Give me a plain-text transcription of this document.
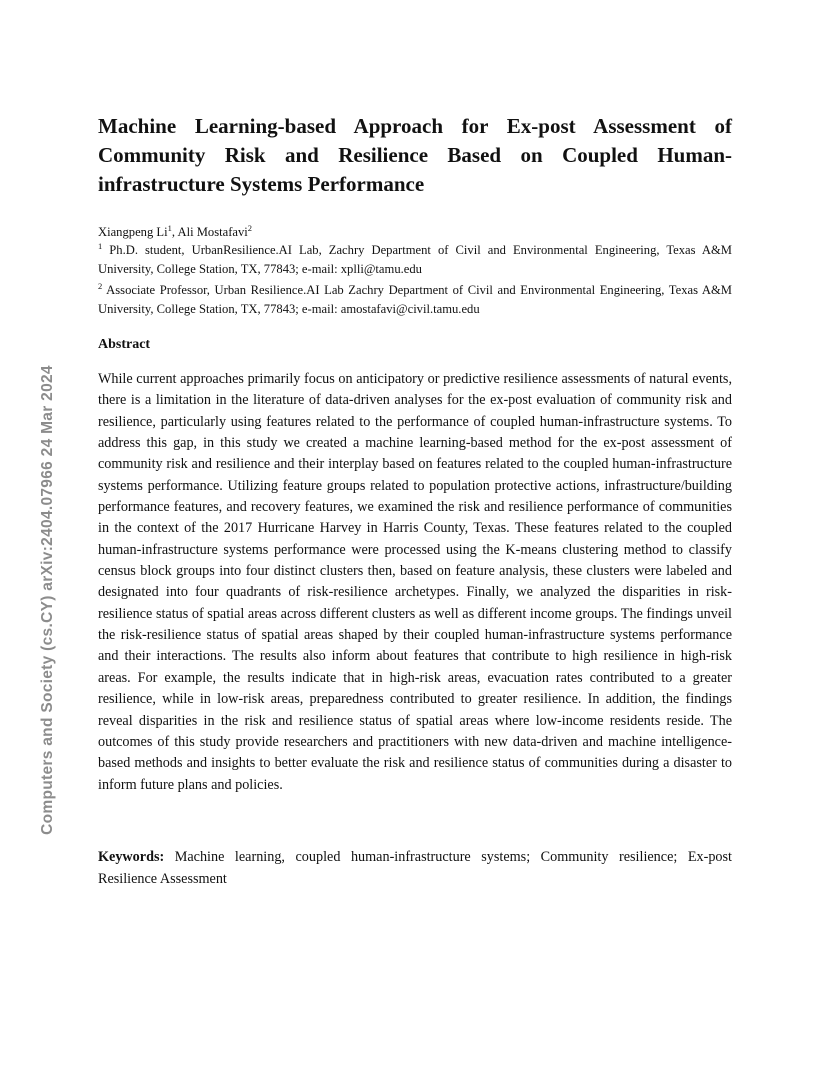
Computers and Society (cs.CY) arXiv:2404.07966 24 Mar 2024
Machine Learning-based Approach for Ex-post Assessment of Community Risk and Resilience Based on Coupled Human-infrastructure Systems Performance
Xiangpeng Li$^1$, Ali Mostafavi$^2$
$^1$ Ph.D. student, UrbanResilience.AI Lab, Zachry Department of Civil and Environmental Engineering, Texas A&M University, College Station, TX, 77843; e-mail: xplli@tamu.edu
$^2$ Associate Professor, Urban Resilience.AI Lab Zachry Department of Civil and Environmental Engineering, Texas A&M University, College Station, TX, 77843; e-mail: amostafavi@civil.tamu.edu
Abstract

While current approaches primarily focus on anticipatory or predictive resilience assessments of natural events, there is a limitation in the literature of data-driven analyses for the ex-post evaluation of community risk and resilience, particularly using features related to the performance of coupled human-infrastructure systems. To address this gap, in this study we created a machine learning-based method for the ex-post assessment of community risk and resilience and their interplay based on features related to the coupled human-infrastructure systems performance. Utilizing feature groups related to population protective actions, infrastructure/building performance features, and recovery features, we examined the risk and resilience performance of communities in the context of the 2017 Hurricane Harvey in Harris County, Texas. These features related to the coupled human-infrastructure systems performance were processed using the K-means clustering method to classify census block groups into four distinct clusters then, based on feature analysis, these clusters were labeled and designated into four quadrants of risk-resilience archetypes. Finally, we analyzed the disparities in risk-resilience status of spatial areas across different clusters as well as different income groups. The findings unveil the risk-resilience status of spatial areas shaped by their coupled human-infrastructure systems performance and their interactions. The results also inform about features that contribute to high resilience in high-risk areas. For example, the results indicate that in high-risk areas, evacuation rates contributed to a greater resilience, while in low-risk areas, preparedness contributed to greater resilience. In addition, the findings reveal disparities in the risk and resilience status of spatial areas where low-income residents reside. The outcomes of this study provide researchers and practitioners with new data-driven and machine intelligence-based methods and insights to better evaluate the risk and resilience status of communities during a disaster to inform future plans and policies.

Keywords: Machine learning, coupled human-infrastructure systems; Community resilience; Ex-post Resilience Assessment
